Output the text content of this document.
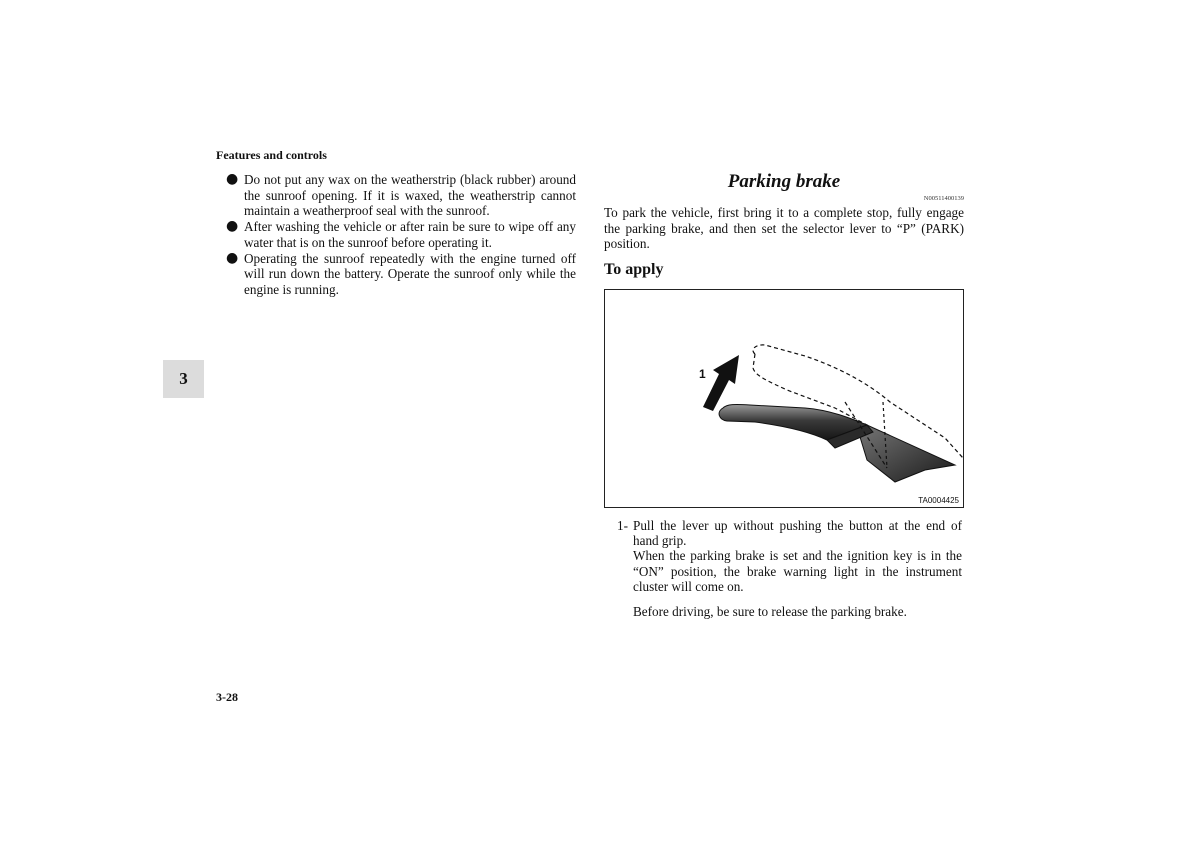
Features and controls
● Do not put any wax on the weatherstrip (black rubber) around the sunroof opening. If it is waxed, the weatherstrip cannot maintain a weatherproof seal with the sunroof.
● After washing the vehicle or after rain be sure to wipe off any water that is on the sunroof before operating it.
● Operating the sunroof repeatedly with the engine turned off will run down the battery. Operate the sunroof only while the engine is running.
3
Parking brake
N00511400139

To park the vehicle, first bring it to a complete stop, fully engage the parking brake, and then set the selector lever to “P” (PARK) position.

To apply
1
TA0004425
1- Pull the lever up without pushing the button at the end of hand grip.

When the parking brake is set and the ignition key is in the “ON” position, the brake warning light in the instrument cluster will come on.

Before driving, be sure to release the parking brake.
3-28
